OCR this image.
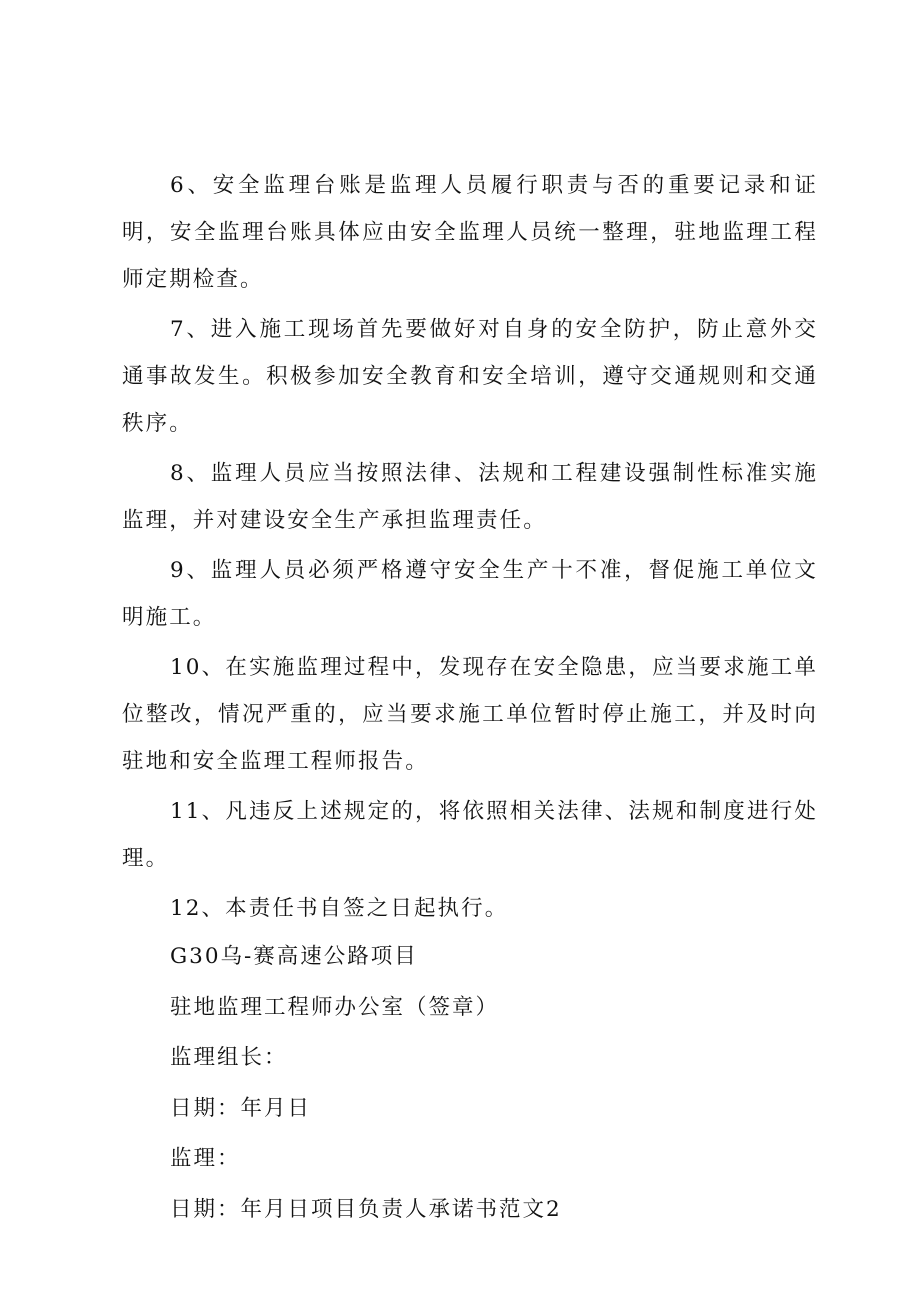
6、安全监理台账是监理人员履行职责与否的重要记录和证明，安全监理台账具体应由安全监理人员统一整理，驻地监理工程师定期检查。

7、进入施工现场首先要做好对自身的安全防护，防止意外交通事故发生。积极参加安全教育和安全培训，遵守交通规则和交通秩序。

8、监理人员应当按照法律、法规和工程建设强制性标准实施监理，并对建设安全生产承担监理责任。

9、监理人员必须严格遵守安全生产十不准，督促施工单位文明施工。

10、在实施监理过程中，发现存在安全隐患，应当要求施工单位整改，情况严重的，应当要求施工单位暂时停止施工，并及时向驻地和安全监理工程师报告。

11、凡违反上述规定的，将依照相关法律、法规和制度进行处理。

12、本责任书自签之日起执行。

G30乌-赛高速公路项目

驻地监理工程师办公室（签章）

监理组长：

日期：年月日

监理：

日期：年月日项目负责人承诺书范文2
